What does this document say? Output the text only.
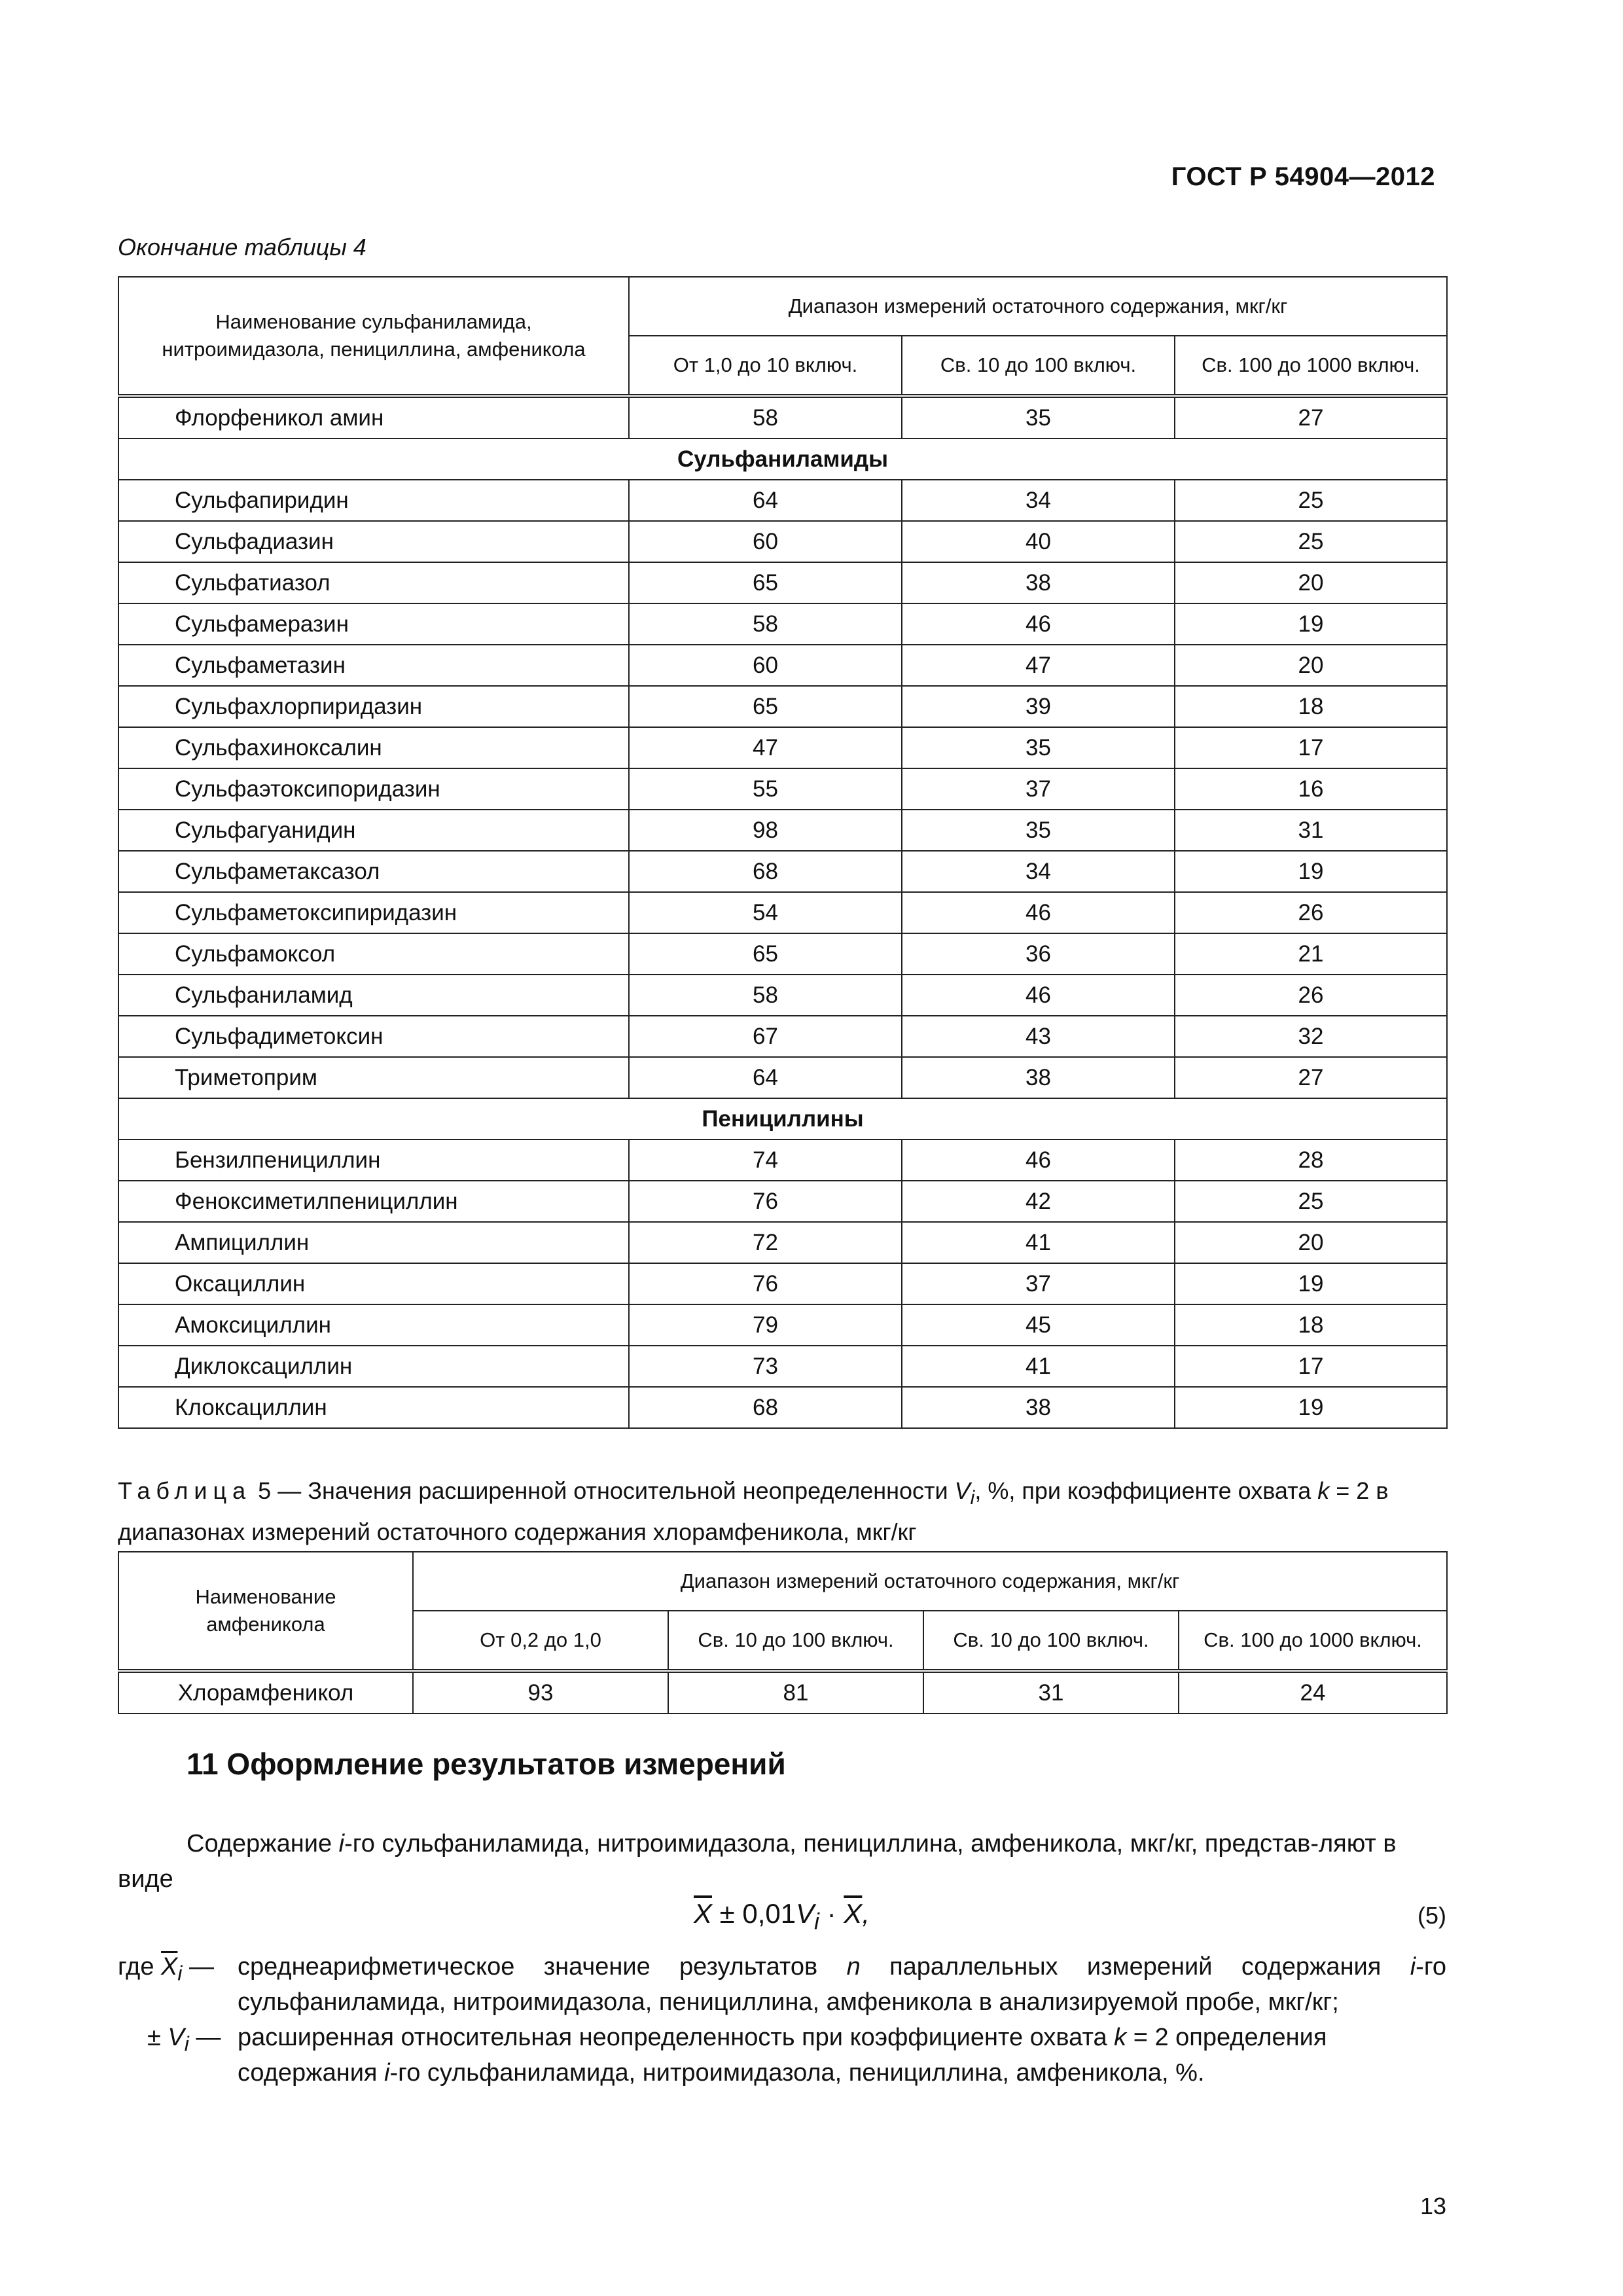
ГОСТ Р 54904—2012
Окончание таблицы 4
Наименование сульфаниламида, нитроимидазола, пенициллина, амфеникола	Диапазон измерений остаточного содержания, мкг/кг		
	От 1,0 до 10 включ.	Св. 10 до 100 включ.	Св. 100 до 1000 включ.
Флорфеникол амин	58	35	27
Сульфаниламиды			
Сульфапиридин	64	34	25
Сульфадиазин	60	40	25
Сульфатиазол	65	38	20
Сульфамеразин	58	46	19
Сульфаметазин	60	47	20
Сульфахлорпиридазин	65	39	18
Сульфахиноксалин	47	35	17
Сульфаэтоксипоридазин	55	37	16
Сульфагуанидин	98	35	31
Сульфаметаксазол	68	34	19
Сульфаметоксипиридазин	54	46	26
Сульфамоксол	65	36	21
Сульфаниламид	58	46	26
Сульфадиметоксин	67	43	32
Триметоприм	64	38	27
Пенициллины			
Бензилпенициллин	74	46	28
Феноксиметилпенициллин	76	42	25
Ампициллин	72	41	20
Оксациллин	76	37	19
Амоксициллин	79	45	18
Диклоксациллин	73	41	17
Клоксациллин	68	38	19
Таблица 5 — Значения расширенной относительной неопределенности $V_i$, %, при коэффициенте охвата k = 2 в диапазонах измерений остаточного содержания хлорамфеникола, мкг/кг
Наименование амфеникола	Диапазон измерений остаточного содержания, мкг/кг			
	От 0,2 до 1,0	Св. 10 до 100 включ.	Св. 10 до 100 включ.	Св. 100 до 1000 включ.
Хлорамфеникол	93	81	31	24
11 Оформление результатов измерений
Содержание i-го сульфаниламида, нитроимидазола, пенициллина, амфеникола, мкг/кг, представ-ляют в виде
$\overline{X} \pm 0,01V_i \cdot \overline{X}$,	(5)
где $\overline{X}_i$ — среднеарифметическое значение результатов n параллельных измерений содержания i-го сульфаниламида, нитроимидазола, пенициллина, амфеникола в анализируемой пробе, мкг/кг;
± $V_i$ — расширенная относительная неопределенность при коэффициенте охвата k = 2 определения содержания i-го сульфаниламида, нитроимидазола, пенициллина, амфеникола, %.
13
